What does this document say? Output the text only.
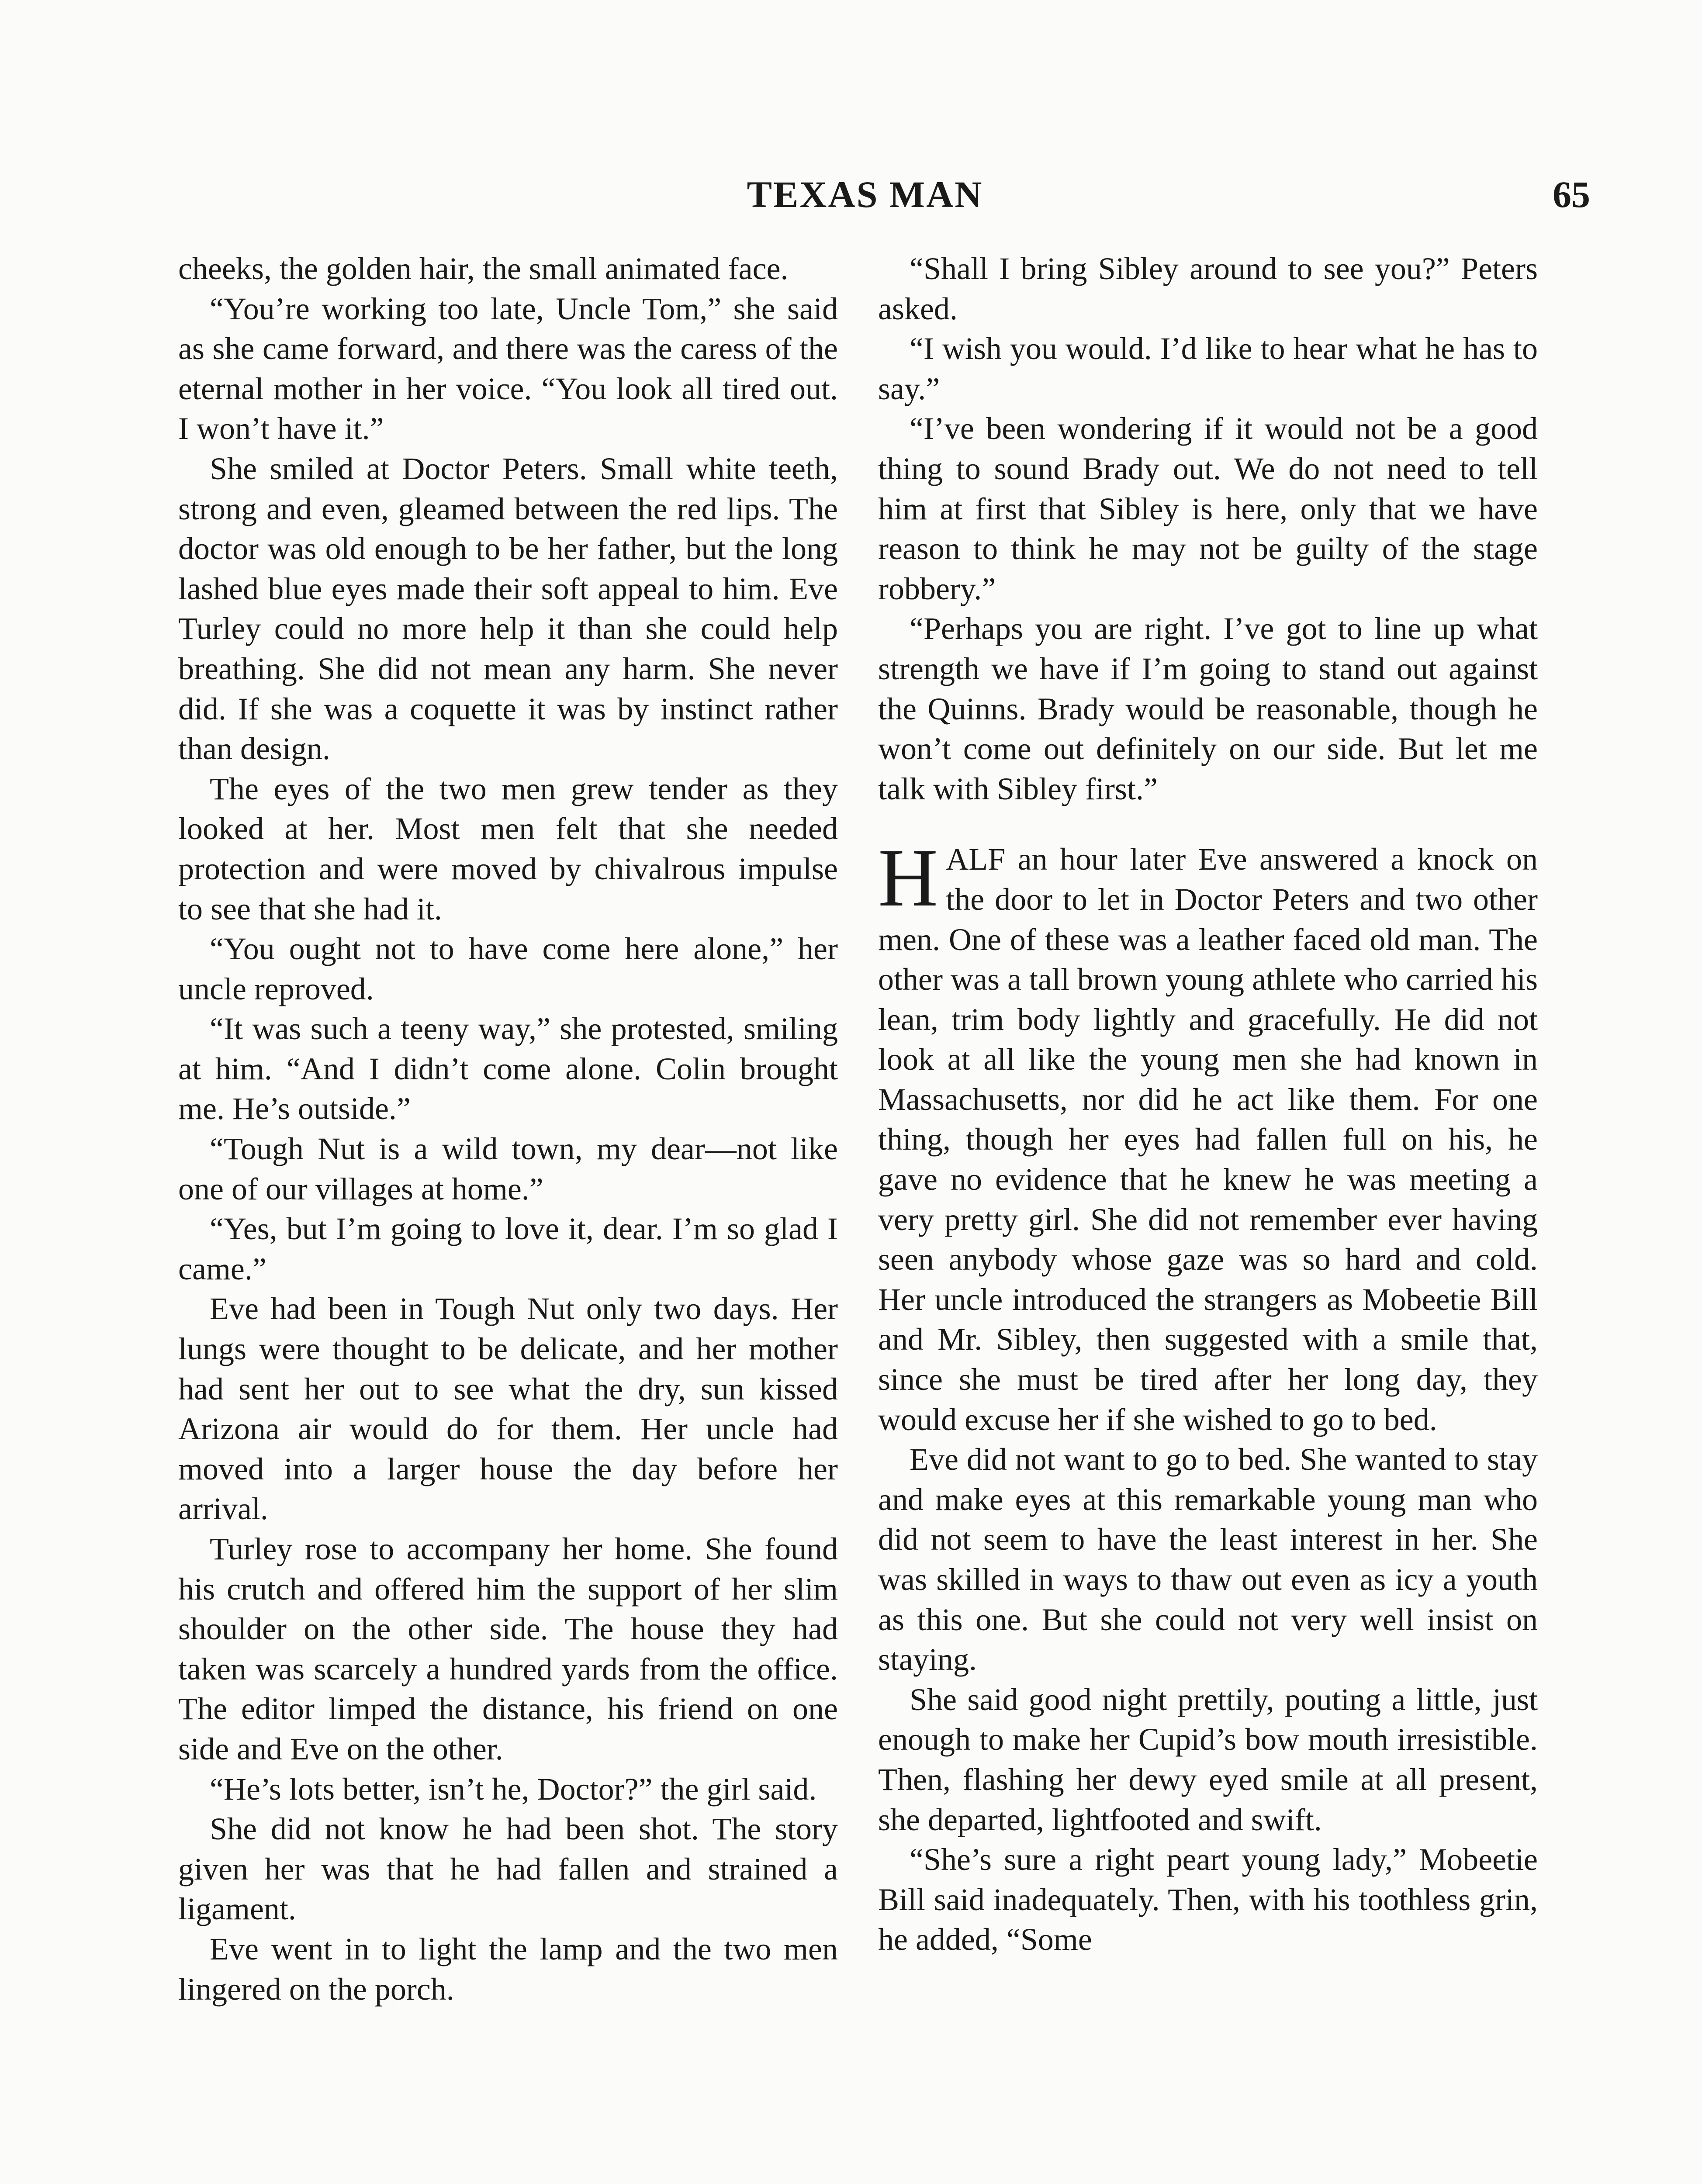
TEXAS MAN	65

cheeks, the golden hair, the small animated face.

“You’re working too late, Uncle Tom,” she said as she came forward, and there was the caress of the eternal mother in her voice. “You look all tired out. I won’t have it.”

She smiled at Doctor Peters. Small white teeth, strong and even, gleamed between the red lips. The doctor was old enough to be her father, but the long lashed blue eyes made their soft appeal to him. Eve Turley could no more help it than she could help breathing. She did not mean any harm. She never did. If she was a coquette it was by instinct rather than design.

The eyes of the two men grew tender as they looked at her. Most men felt that she needed protection and were moved by chivalrous impulse to see that she had it.

“You ought not to have come here alone,” her uncle reproved.

“It was such a teeny way,” she protested, smiling at him. “And I didn’t come alone. Colin brought me. He’s outside.”

“Tough Nut is a wild town, my dear—not like one of our villages at home.”

“Yes, but I’m going to love it, dear. I’m so glad I came.”

Eve had been in Tough Nut only two days. Her lungs were thought to be delicate, and her mother had sent her out to see what the dry, sun kissed Arizona air would do for them. Her uncle had moved into a larger house the day before her arrival.

Turley rose to accompany her home. She found his crutch and offered him the support of her slim shoulder on the other side. The house they had taken was scarcely a hundred yards from the office. The editor limped the distance, his friend on one side and Eve on the other.

“He’s lots better, isn’t he, Doctor?” the girl said.

She did not know he had been shot. The story given her was that he had fallen and strained a ligament.

Eve went in to light the lamp and the two men lingered on the porch.

“Shall I bring Sibley around to see you?” Peters asked.

“I wish you would. I’d like to hear what he has to say.”

“I’ve been wondering if it would not be a good thing to sound Brady out. We do not need to tell him at first that Sibley is here, only that we have reason to think he may not be guilty of the stage robbery.”

“Perhaps you are right. I’ve got to line up what strength we have if I’m going to stand out against the Quinns. Brady would be reasonable, though he won’t come out definitely on our side. But let me talk with Sibley first.”

HALF an hour later Eve answered a knock on the door to let in Doctor Peters and two other men. One of these was a leather faced old man. The other was a tall brown young athlete who carried his lean, trim body lightly and gracefully. He did not look at all like the young men she had known in Massachusetts, nor did he act like them. For one thing, though her eyes had fallen full on his, he gave no evidence that he knew he was meeting a very pretty girl. She did not remember ever having seen anybody whose gaze was so hard and cold. Her uncle introduced the strangers as Mobeetie Bill and Mr. Sibley, then suggested with a smile that, since she must be tired after her long day, they would excuse her if she wished to go to bed.

Eve did not want to go to bed. She wanted to stay and make eyes at this remarkable young man who did not seem to have the least interest in her. She was skilled in ways to thaw out even as icy a youth as this one. But she could not very well insist on staying.

She said good night prettily, pouting a little, just enough to make her Cupid’s bow mouth irresistible. Then, flashing her dewy eyed smile at all present, she departed, lightfooted and swift.

“She’s sure a right peart young lady,” Mobeetie Bill said inadequately. Then, with his toothless grin, he added, “Some
